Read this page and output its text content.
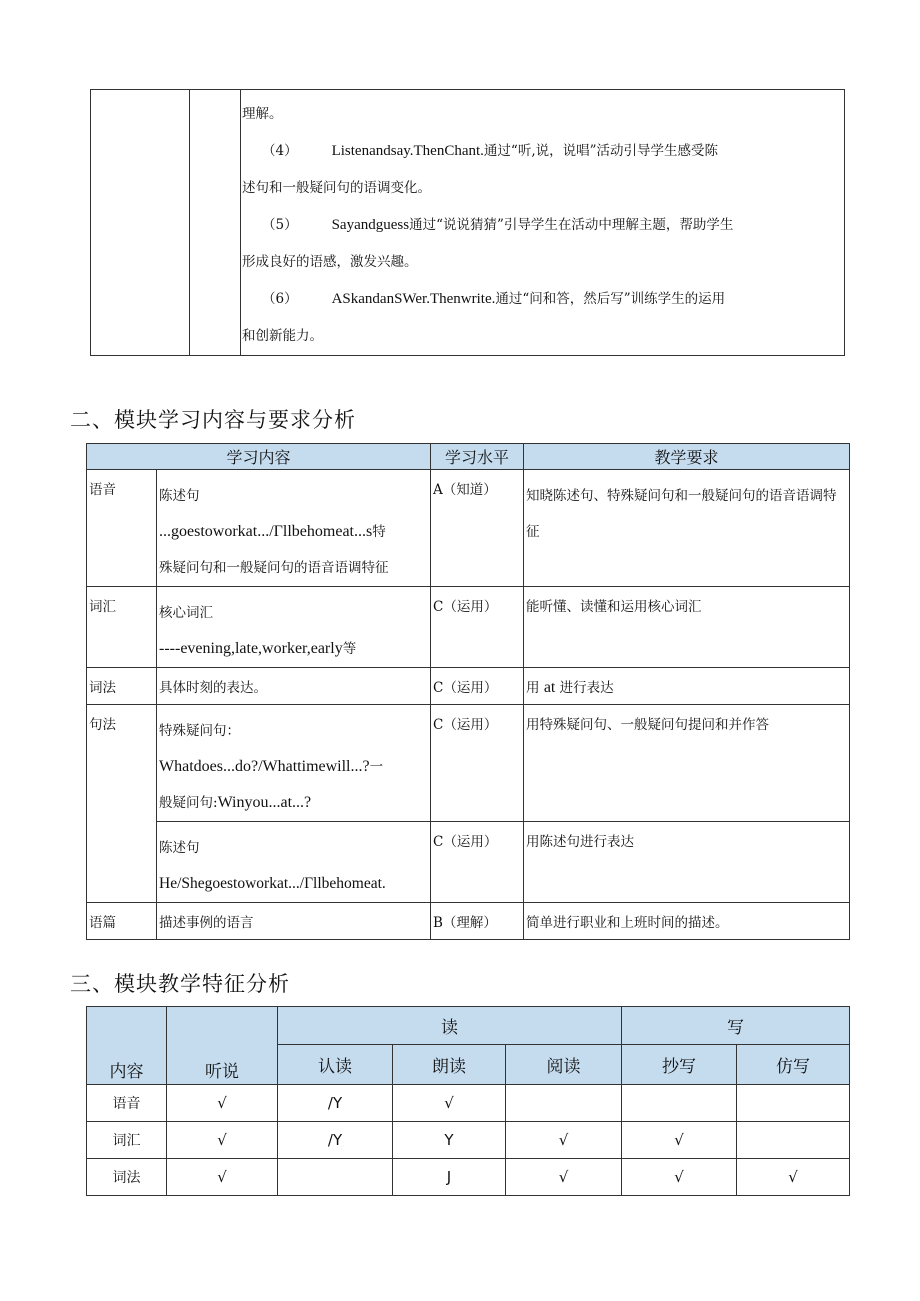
理解。
（4） Listenandsay.ThenChant.通过“听,说，说唱”活动引导学生感受陈
述句和一般疑问句的语调变化。
（5） Sayandguess通过“说说猜猜”引导学生在活动中理解主题，帮助学生
形成良好的语感，激发兴趣。
（6） ASkandanSWer.Thenwrite.通过“问和答，然后写”训练学生的运用
和创新能力。
二、模块学习内容与要求分析
学习内容		学习水平	教学要求
语音	陈述句
...goestoworkat.../Γllbehomeat...s特
殊疑问句和一般疑问句的语音语调特征	A（知道）	知晓陈述句、特殊疑问句和一般疑问句的语音语调特征
词汇	核心词汇
----evening,late,worker,early等	C（运用）	能听懂、读懂和运用核心词汇
词法	具体时刻的表达。	C（运用）	用 at 进行表达
句法	特殊疑问句：
Whatdoes...do?/Whattimewill...?一
般疑问句:Winyou...at...?	C（运用）	用特殊疑问句、一般疑问句提问和并作答

	陈述句
He/Shegoestoworkat.../Γllbehomeat.	C（运用）	用陈述句进行表达
语篇	描述事例的语言	B（理解）	简单进行职业和上班时间的描述。
三、模块教学特征分析
内容	听说	读			写	
		认读	朗读	阅读	抄写	仿写
语音	√	/Y	√			
词汇	√	/Y	Y	√	√	
词法	√		J	√	√	√
